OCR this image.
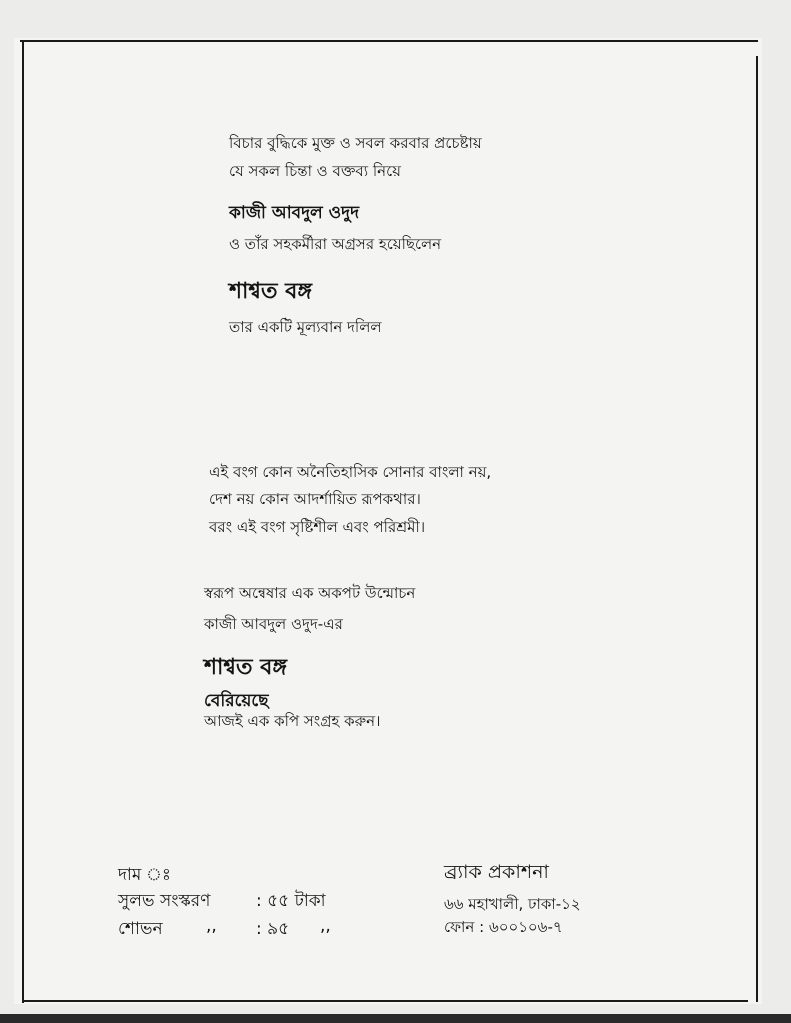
বিচার বুদ্ধিকে মুক্ত ও সবল করবার প্রচেষ্টায়
যে সকল চিন্তা ও বক্তব্য নিয়ে
কাজী আবদুল ওদুদ
ও তাঁর সহকর্মীরা অগ্রসর হয়েছিলেন
শাশ্বত বঙ্গ
তার একটি মূল্যবান দলিল
এই বংগ কোন অনৈতিহাসিক সোনার বাংলা নয়,
দেশ নয় কোন আদর্শায়িত রূপকথার।
বরং এই বংগ সৃষ্টিশীল এবং পরিশ্রমী।
স্বরূপ অন্বেষার এক অকপট উন্মোচন
কাজী আবদুল ওদুদ-এর
শাশ্বত বঙ্গ
বেরিয়েছে
আজই এক কপি সংগ্রহ করুন।
দাম ঃ
সুলভ সংস্করণ	: ৫৫ টাকা
শোভন	,, : ৯৫ ,,
ব্র্যাক প্রকাশনা
৬৬ মহাখালী, ঢাকা-১২
ফোন : ৬০০১০৬-৭
